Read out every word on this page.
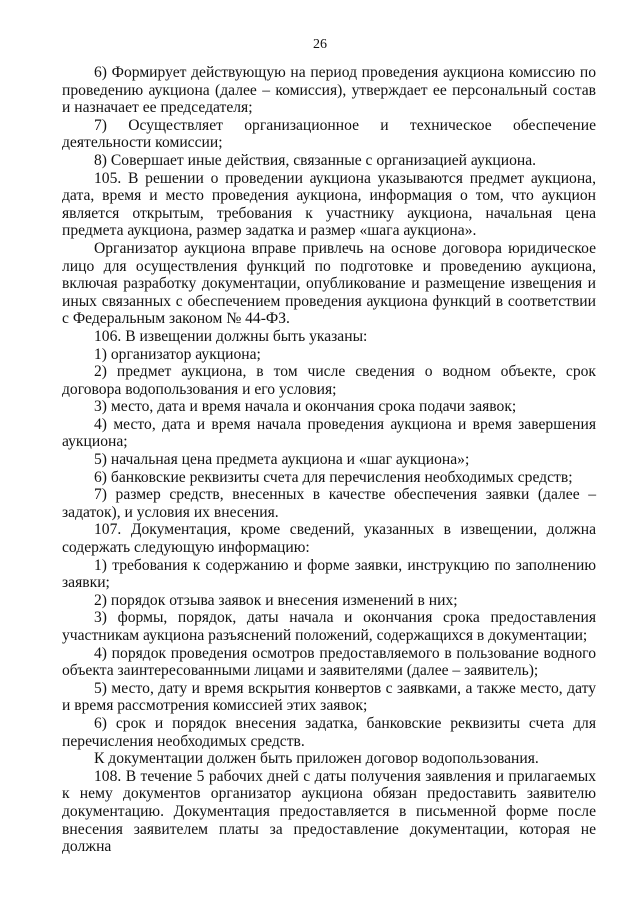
26

6) Формирует действующую на период проведения аукциона комиссию по проведению аукциона (далее – комиссия), утверждает ее персональный состав и назначает ее председателя;

7) Осуществляет организационное и техническое обеспечение деятельности комиссии;

8) Совершает иные действия, связанные с организацией аукциона.

105. В решении о проведении аукциона указываются предмет аукциона, дата, время и место проведения аукциона, информация о том, что аукцион является открытым, требования к участнику аукциона, начальная цена предмета аукциона, размер задатка и размер «шага аукциона».

Организатор аукциона вправе привлечь на основе договора юридическое лицо для осуществления функций по подготовке и проведению аукциона, включая разработку документации, опубликование и размещение извещения и иных связанных с обеспечением проведения аукциона функций в соответствии с Федеральным законом № 44-ФЗ.

106. В извещении должны быть указаны:

1) организатор аукциона;

2) предмет аукциона, в том числе сведения о водном объекте, срок договора водопользования и его условия;

3) место, дата и время начала и окончания срока подачи заявок;

4) место, дата и время начала проведения аукциона и время завершения аукциона;

5) начальная цена предмета аукциона и «шаг аукциона»;

6) банковские реквизиты счета для перечисления необходимых средств;

7) размер средств, внесенных в качестве обеспечения заявки (далее – задаток), и условия их внесения.

107. Документация, кроме сведений, указанных в извещении, должна содержать следующую информацию:

1) требования к содержанию и форме заявки, инструкцию по заполнению заявки;

2) порядок отзыва заявок и внесения изменений в них;

3) формы, порядок, даты начала и окончания срока предоставления участникам аукциона разъяснений положений, содержащихся в документации;

4) порядок проведения осмотров предоставляемого в пользование водного объекта заинтересованными лицами и заявителями (далее – заявитель);

5) место, дату и время вскрытия конвертов с заявками, а также место, дату и время рассмотрения комиссией этих заявок;

6) срок и порядок внесения задатка, банковские реквизиты счета для перечисления необходимых средств.

К документации должен быть приложен договор водопользования.

108. В течение 5 рабочих дней с даты получения заявления и прилагаемых к нему документов организатор аукциона обязан предоставить заявителю документацию. Документация предоставляется в письменной форме после внесения заявителем платы за предоставление документации, которая не должна
